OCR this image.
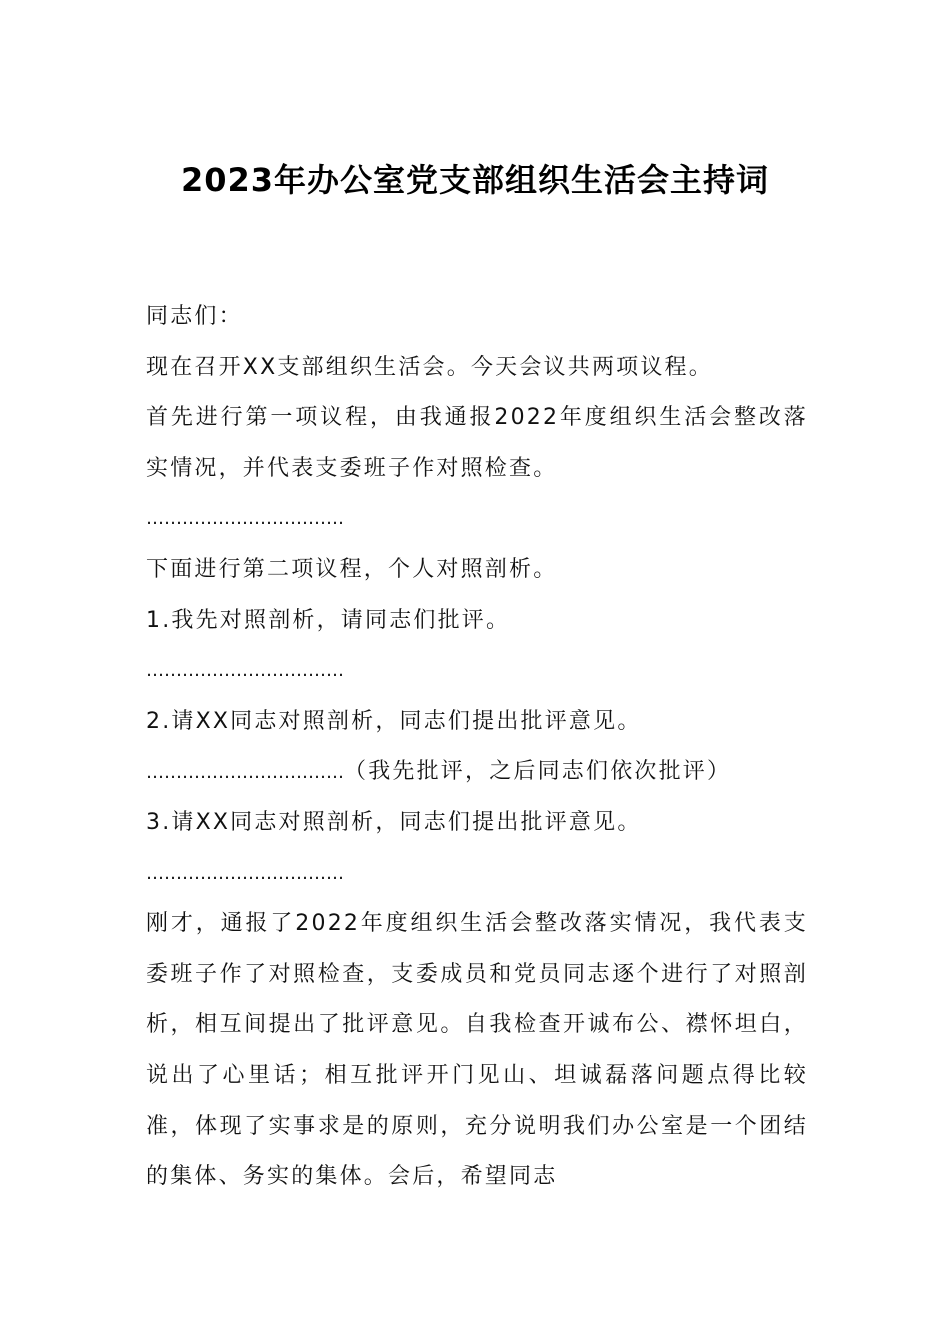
2023年办公室党支部组织生活会主持词
同志们：
现在召开XX支部组织生活会。今天会议共两项议程。
首先进行第一项议程，由我通报2022年度组织生活会整改落实情况，并代表支委班子作对照检查。
……………………………
下面进行第二项议程，个人对照剖析。
1.我先对照剖析，请同志们批评。
……………………………
2.请XX同志对照剖析，同志们提出批评意见。
……………………………（我先批评，之后同志们依次批评）
3.请XX同志对照剖析，同志们提出批评意见。
……………………………
刚才，通报了2022年度组织生活会整改落实情况，我代表支委班子作了对照检查，支委成员和党员同志逐个进行了对照剖析，相互间提出了批评意见。自我检查开诚布公、襟怀坦白，说出了心里话；相互批评开门见山、坦诚磊落问题点得比较准，体现了实事求是的原则，充分说明我们办公室是一个团结的集体、务实的集体。会后，希望同志
